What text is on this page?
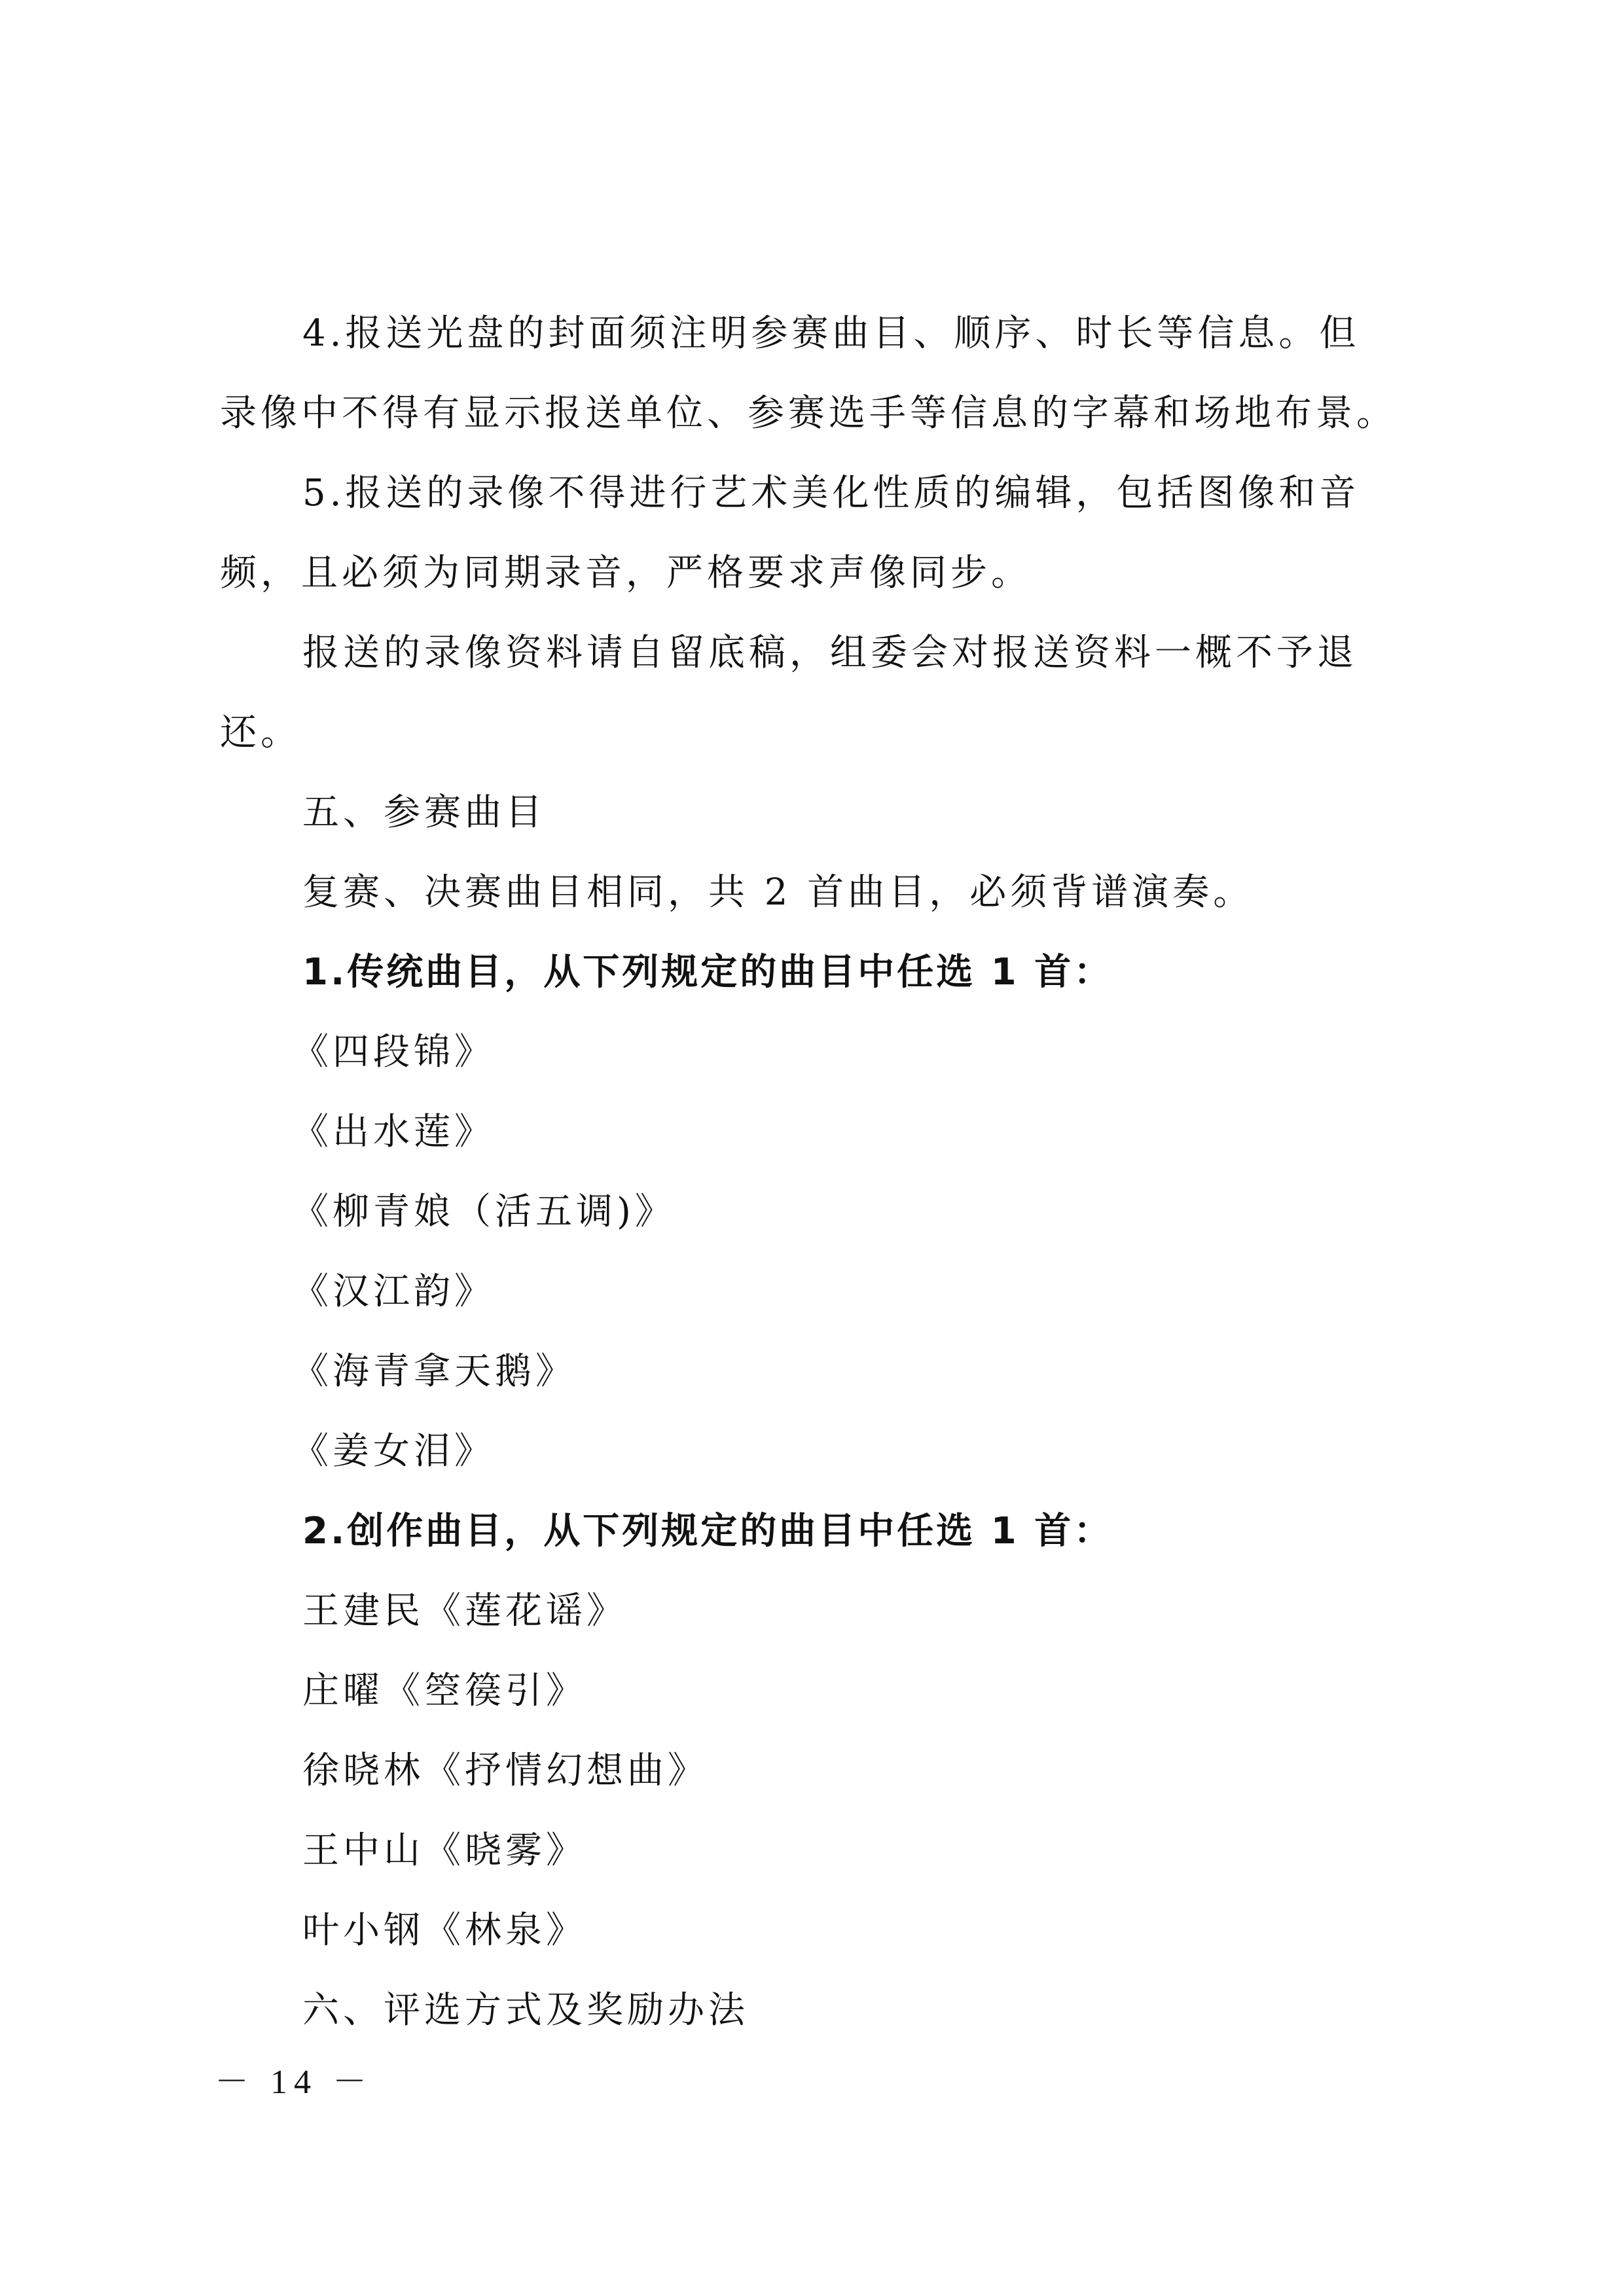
4.报送光盘的封面须注明参赛曲目、顺序、时长等信息。但
录像中不得有显示报送单位、参赛选手等信息的字幕和场地布景。
5.报送的录像不得进行艺术美化性质的编辑，包括图像和音
频，且必须为同期录音，严格要求声像同步。
报送的录像资料请自留底稿，组委会对报送资料一概不予退
还。
五、参赛曲目
复赛、决赛曲目相同，共 2 首曲目，必须背谱演奏。
1.传统曲目，从下列规定的曲目中任选 1 首：
《四段锦》
《出水莲》
《柳青娘（活五调)》
《汉江韵》
《海青拿天鹅》
《姜女泪》
2.创作曲目，从下列规定的曲目中任选 1 首：
王建民《莲花谣》
庄曜《箜篌引》
徐晓林《抒情幻想曲》
王中山《晓雾》
叶小钢《林泉》
六、评选方式及奖励办法
－ 14 －
